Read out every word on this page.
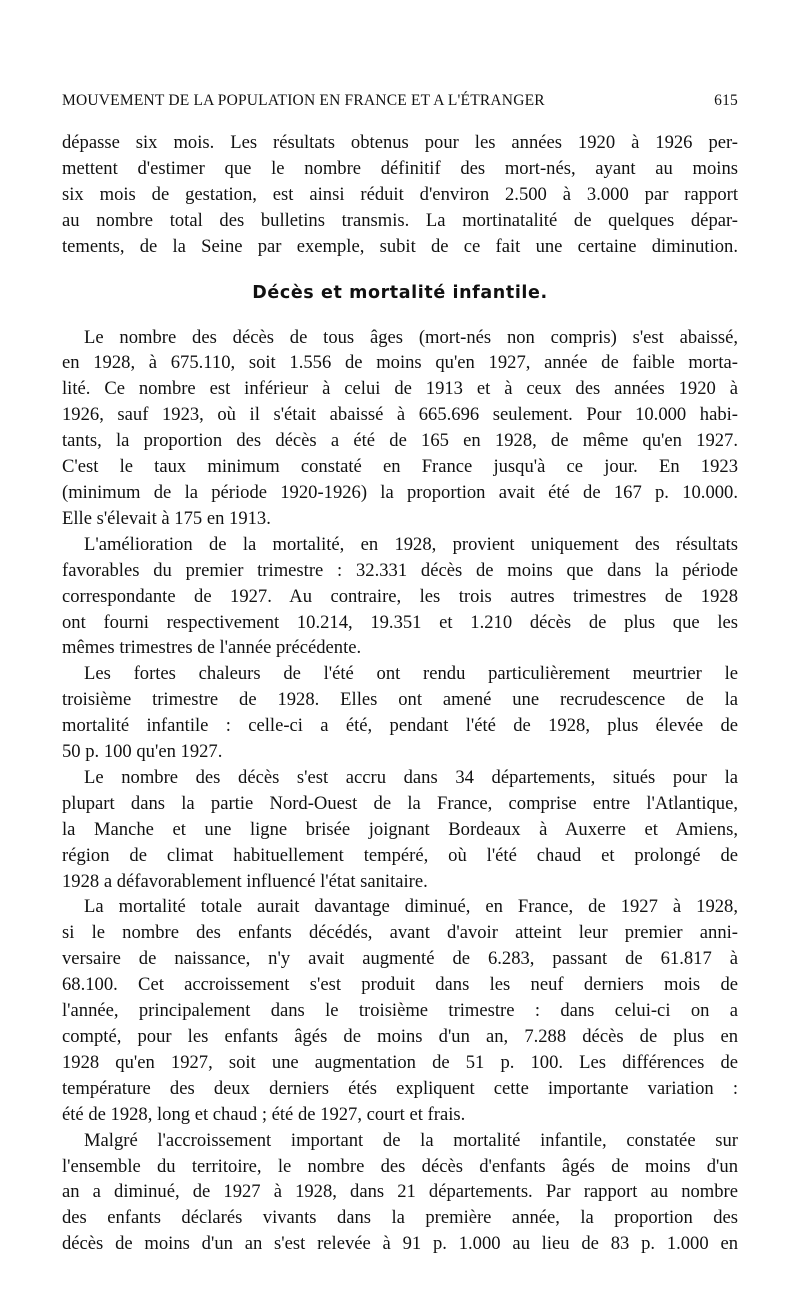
MOUVEMENT DE LA POPULATION EN FRANCE ET A L'ÉTRANGER	615

dépasse six mois. Les résultats obtenus pour les années 1920 à 1926 per-
mettent d'estimer que le nombre définitif des mort-nés, ayant au moins
six mois de gestation, est ainsi réduit d'environ 2.500 à 3.000 par rapport
au nombre total des bulletins transmis. La mortinatalité de quelques dépar-
tements, de la Seine par exemple, subit de ce fait une certaine diminution.

Décès et mortalité infantile.

Le nombre des décès de tous âges (mort-nés non compris) s'est abaissé,
en 1928, à 675.110, soit 1.556 de moins qu'en 1927, année de faible morta-
lité. Ce nombre est inférieur à celui de 1913 et à ceux des années 1920 à
1926, sauf 1923, où il s'était abaissé à 665.696 seulement. Pour 10.000 habi-
tants, la proportion des décès a été de 165 en 1928, de même qu'en 1927.
C'est le taux minimum constaté en France jusqu'à ce jour. En 1923
(minimum de la période 1920-1926) la proportion avait été de 167 p. 10.000.
Elle s'élevait à 175 en 1913.

L'amélioration de la mortalité, en 1928, provient uniquement des résultats
favorables du premier trimestre : 32.331 décès de moins que dans la période
correspondante de 1927. Au contraire, les trois autres trimestres de 1928
ont fourni respectivement 10.214, 19.351 et 1.210 décès de plus que les
mêmes trimestres de l'année précédente.

Les fortes chaleurs de l'été ont rendu particulièrement meurtrier le
troisième trimestre de 1928. Elles ont amené une recrudescence de la
mortalité infantile : celle-ci a été, pendant l'été de 1928, plus élevée de
50 p. 100 qu'en 1927.

Le nombre des décès s'est accru dans 34 départements, situés pour la
plupart dans la partie Nord-Ouest de la France, comprise entre l'Atlantique,
la Manche et une ligne brisée joignant Bordeaux à Auxerre et Amiens,
région de climat habituellement tempéré, où l'été chaud et prolongé de
1928 a défavorablement influencé l'état sanitaire.

La mortalité totale aurait davantage diminué, en France, de 1927 à 1928,
si le nombre des enfants décédés, avant d'avoir atteint leur premier anni-
versaire de naissance, n'y avait augmenté de 6.283, passant de 61.817 à
68.100. Cet accroissement s'est produit dans les neuf derniers mois de
l'année, principalement dans le troisième trimestre : dans celui-ci on a
compté, pour les enfants âgés de moins d'un an, 7.288 décès de plus en
1928 qu'en 1927, soit une augmentation de 51 p. 100. Les différences de
température des deux derniers étés expliquent cette importante variation :
été de 1928, long et chaud ; été de 1927, court et frais.

Malgré l'accroissement important de la mortalité infantile, constatée sur
l'ensemble du territoire, le nombre des décès d'enfants âgés de moins d'un
an a diminué, de 1927 à 1928, dans 21 départements. Par rapport au nombre
des enfants déclarés vivants dans la première année, la proportion des
décès de moins d'un an s'est relevée à 91 p. 1.000 au lieu de 83 p. 1.000 en
